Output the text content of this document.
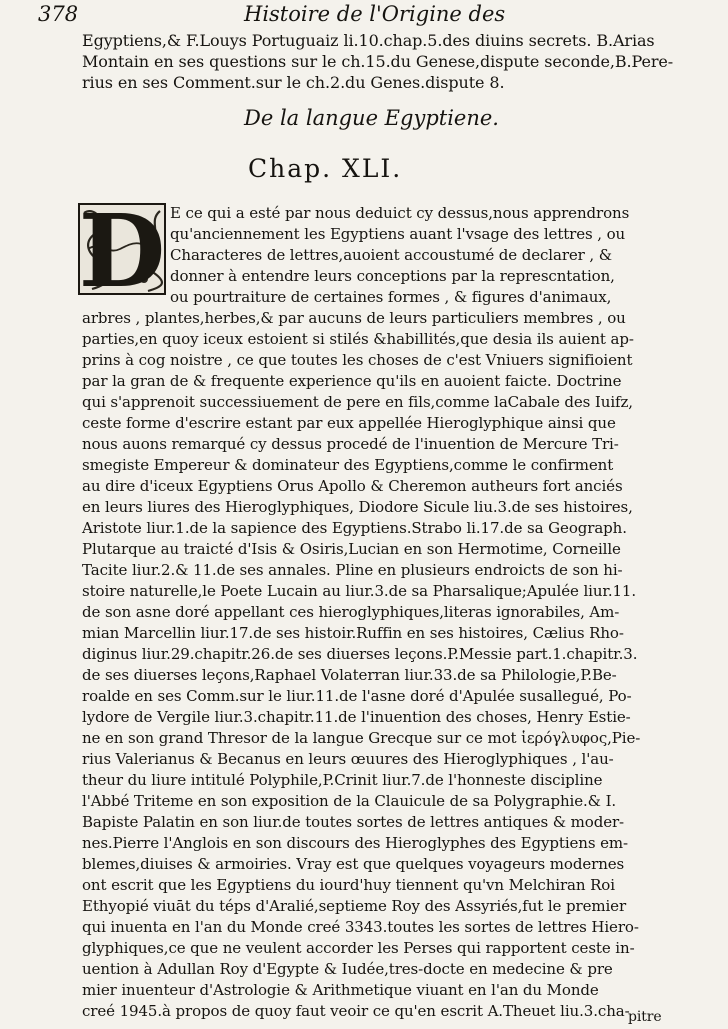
378	Histoire de l'Origine des
Egyptiens,& F.Louys Portuguaiz li.10.chap.5.des diuins secrets. B.Arias
Montain en ses questions sur le ch.15.du Genese,dispute seconde,B.Pere-
rius en ses Comment.sur le ch.2.du Genes.dispute 8.
De la langue Egyptiene.
Chap. XLI.
D E ce qui a esté par nous deduict cy dessus,nous apprendrons
qu'anciennement les Egyptiens auant l'vsage des lettres , ou
Characteres de lettres,auoient accoustumé de declarer , &
donner à entendre leurs conceptions par la represcntation,
ou pourtraiture de certaines formes , & figures d'animaux,
arbres , plantes,herbes,& par aucuns de leurs particuliers membres , ou
parties,en quoy iceux estoient si stilés &habillités,que desia ils auient ap-
prins à cog noistre , ce que toutes les choses de c'est Vniuers signifioient
par la gran de & frequente experience qu'ils en auoient faicte. Doctrine
qui s'apprenoit successiuement de pere en fils,comme laCabale des Iuifz,
ceste forme d'escrire estant par eux appellée Hieroglyphique ainsi que
nous auons remarqué cy dessus procedé de l'inuention de Mercure Tri-
smegiste Empereur & dominateur des Egyptiens,comme le confirment
au dire d'iceux Egyptiens Orus Apollo & Cheremon autheurs fort anciés
en leurs liures des Hieroglyphiques, Diodore Sicule liu.3.de ses histoires,
Aristote liur.1.de la sapience des Egyptiens.Strabo li.17.de sa Geograph.
Plutarque au traicté d'Isis & Osiris,Lucian en son Hermotime, Corneille
Tacite liur.2.& 11.de ses annales. Pline en plusieurs endroicts de son hi-
stoire naturelle,le Poete Lucain au liur.3.de sa Pharsalique;Apulée liur.11.
de son asne doré appellant ces hieroglyphiques,literas ignorabiles, Am-
mian Marcellin liur.17.de ses histoir.Ruffin en ses histoires, Cælius Rho-
diginus liur.29.chapitr.26.de ses diuerses leçons.P.Messie part.1.chapitr.3.
de ses diuerses leçons,Raphael Volaterran liur.33.de sa Philologie,P.Be-
roalde en ses Comm.sur le liur.11.de l'asne doré d'Apulée susallegué, Po-
lydore de Vergile liur.3.chapitr.11.de l'inuention des choses, Henry Estie-
ne en son grand Thresor de la langue Grecque sur ce mot ἱερόγλυφος,Pie-
rius Valerianus & Becanus en leurs œuures des Hieroglyphiques , l'au-
theur du liure intitulé Polyphile,P.Crinit liur.7.de l'honneste discipline
l'Abbé Triteme en son exposition de la Clauicule de sa Polygraphie.& I.
Bapiste Palatin en son liur.de toutes sortes de lettres antiques & moder-
nes.Pierre l'Anglois en son discours des Hieroglyphes des Egyptiens em-
blemes,diuises & armoiries. Vray est que quelques voyageurs modernes
ont escrit que les Egyptiens du iourd'huy tiennent qu'vn Melchiran Roi
Ethyopié viuāt du téps d'Aralié,septieme Roy des Assyriés,fut le premier
qui inuenta en l'an du Monde creé 3343.toutes les sortes de lettres Hiero-
glyphiques,ce que ne veulent accorder les Perses qui rapportent ceste in-
uention à Adullan Roy d'Egypte & Iudée,tres-docte en medecine & pre
mier inuenteur d'Astrologie & Arithmetique viuant en l'an du Monde
creé 1945.à propos de quoy faut veoir ce qu'en escrit A.Theuet liu.3.cha-
pitre
